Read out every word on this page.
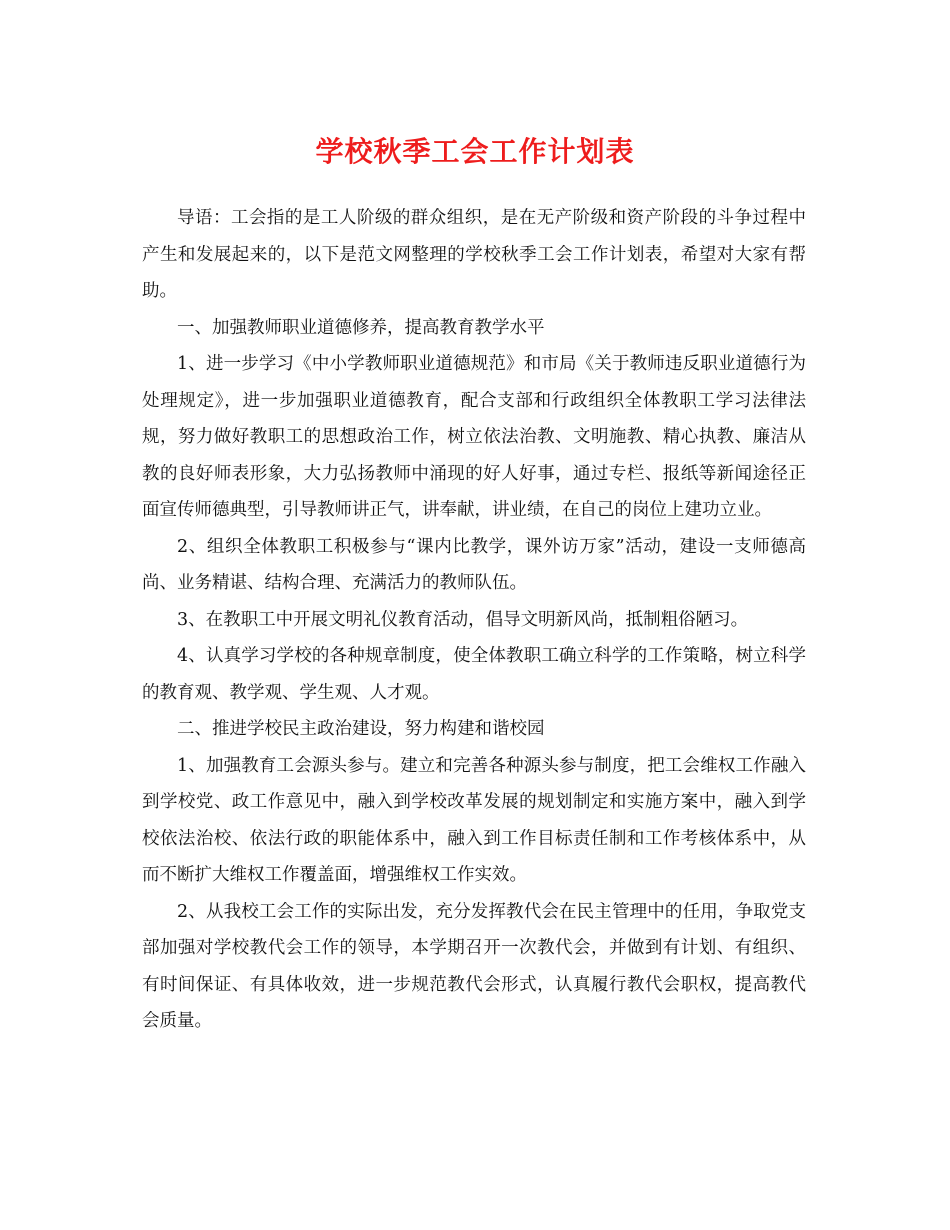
学校秋季工会工作计划表

导语：工会指的是工人阶级的群众组织，是在无产阶级和资产阶段的斗争过程中产生和发展起来的，以下是范文网整理的学校秋季工会工作计划表，希望对大家有帮助。

一、加强教师职业道德修养，提高教育教学水平

1、进一步学习《中小学教师职业道德规范》和市局《关于教师违反职业道德行为处理规定》，进一步加强职业道德教育，配合支部和行政组织全体教职工学习法律法规，努力做好教职工的思想政治工作，树立依法治教、文明施教、精心执教、廉洁从教的良好师表形象，大力弘扬教师中涌现的好人好事，通过专栏、报纸等新闻途径正面宣传师德典型，引导教师讲正气，讲奉献，讲业绩，在自己的岗位上建功立业。

2、组织全体教职工积极参与“课内比教学，课外访万家”活动，建设一支师德高尚、业务精谌、结构合理、充满活力的教师队伍。

3、在教职工中开展文明礼仪教育活动，倡导文明新风尚，抵制粗俗陋习。

4、认真学习学校的各种规章制度，使全体教职工确立科学的工作策略，树立科学的教育观、教学观、学生观、人才观。

二、推进学校民主政治建设，努力构建和谐校园

1、加强教育工会源头参与。建立和完善各种源头参与制度，把工会维权工作融入到学校党、政工作意见中，融入到学校改革发展的规划制定和实施方案中，融入到学校依法治校、依法行政的职能体系中，融入到工作目标责任制和工作考核体系中，从而不断扩大维权工作覆盖面，增强维权工作实效。

2、从我校工会工作的实际出发，充分发挥教代会在民主管理中的任用，争取党支部加强对学校教代会工作的领导，本学期召开一次教代会，并做到有计划、有组织、有时间保证、有具体收效，进一步规范教代会形式，认真履行教代会职权，提高教代会质量。
